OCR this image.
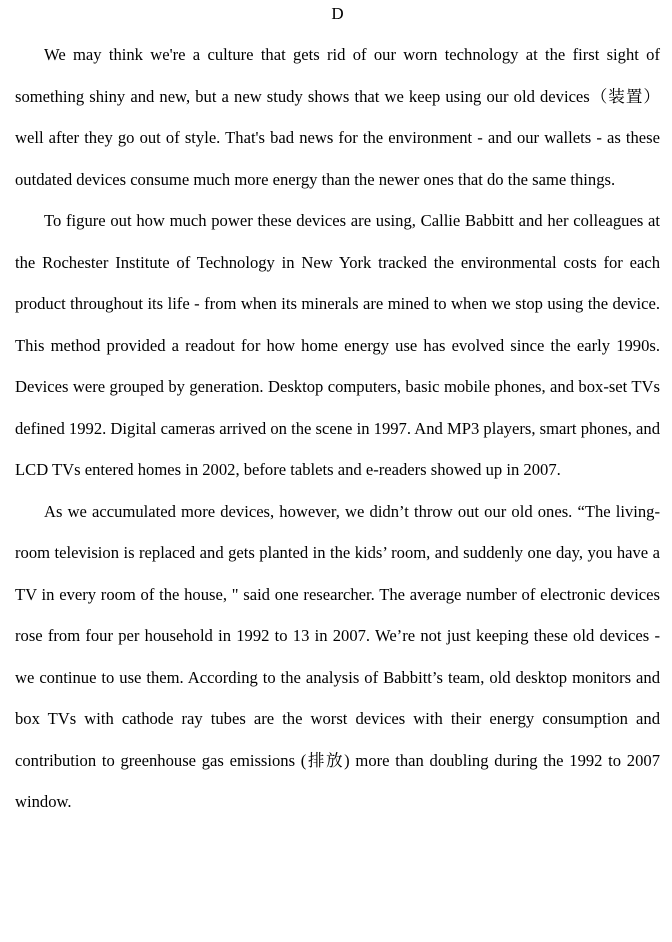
D

We may think we're a culture that gets rid of our worn technology at the first sight of something shiny and new, but a new study shows that we keep using our old devices（装置）well after they go out of style. That's bad news for the environment - and our wallets - as these outdated devices consume much more energy than the newer ones that do the same things.

To figure out how much power these devices are using, Callie Babbitt and her colleagues at the Rochester Institute of Technology in New York tracked the environmental costs for each product throughout its life - from when its minerals are mined to when we stop using the device. This method provided a readout for how home energy use has evolved since the early 1990s. Devices were grouped by generation. Desktop computers, basic mobile phones, and box-set TVs defined 1992. Digital cameras arrived on the scene in 1997. And MP3 players, smart phones, and LCD TVs entered homes in 2002, before tablets and e-readers showed up in 2007.

As we accumulated more devices, however, we didn’t throw out our old ones. “The living-room television is replaced and gets planted in the kids’ room, and suddenly one day, you have a TV in every room of the house, " said one researcher. The average number of electronic devices rose from four per household in 1992 to 13 in 2007. We’re not just keeping these old devices - we continue to use them. According to the analysis of Babbitt’s team, old desktop monitors and box TVs with cathode ray tubes are the worst devices with their energy consumption and contribution to greenhouse gas emissions (排放) more than doubling during the 1992 to 2007 window.
